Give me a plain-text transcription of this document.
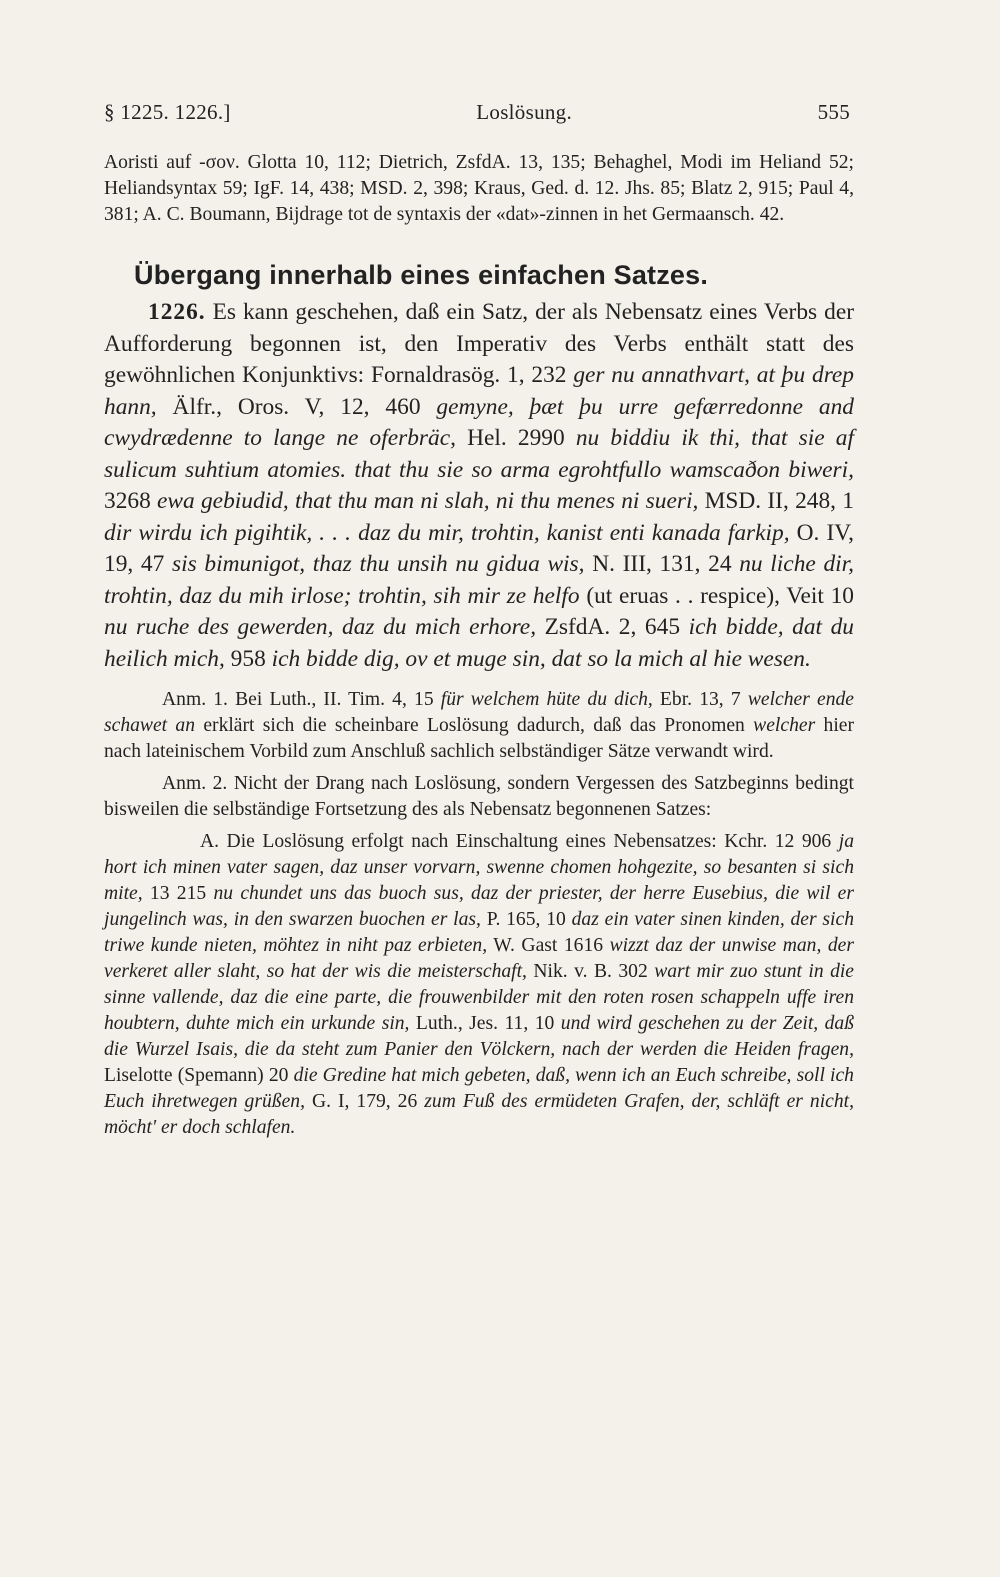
§ 1225. 1226.]	Loslösung.	555

Aoristi auf -σον. Glotta 10, 112; Dietrich, ZsfdA. 13, 135; Behaghel, Modi im Heliand 52; Heliandsyntax 59; IgF. 14, 438; MSD. 2, 398; Kraus, Ged. d. 12. Jhs. 85; Blatz 2, 915; Paul 4, 381; A. C. Boumann, Bijdrage tot de syntaxis der «dat»-zinnen in het Germaansch. 42.

Übergang innerhalb eines einfachen Satzes.

1226. Es kann geschehen, daß ein Satz, der als Nebensatz eines Verbs der Aufforderung begonnen ist, den Imperativ des Verbs enthält statt des gewöhnlichen Konjunktivs: Fornaldrasög. 1, 232 ger nu annathvart, at þu drep hann, Älfr., Oros. V, 12, 460 gemyne, þæt þu urre gefærredonne and cwydrædenne to lange ne oferbräc, Hel. 2990 nu biddiu ik thi, that sie af sulicum suhtium atomies. that thu sie so arma egrohtfullo wamscaðon biweri, 3268 ewa gebiudid, that thu man ni slah, ni thu menes ni sueri, MSD. II, 248, 1 dir wirdu ich pigihtik, . . . daz du mir, trohtin, kanist enti kanada farkip, O. IV, 19, 47 sis bimunigot, thaz thu unsih nu gidua wis, N. III, 131, 24 nu liche dir, trohtin, daz du mih irlose; trohtin, sih mir ze helfo (ut eruas . . respice), Veit 10 nu ruche des gewerden, daz du mich erhore, ZsfdA. 2, 645 ich bidde, dat du heilich mich, 958 ich bidde dig, ov et muge sin, dat so la mich al hie wesen.

Anm. 1. Bei Luth., II. Tim. 4, 15 für welchem hüte du dich, Ebr. 13, 7 welcher ende schawet an erklärt sich die scheinbare Loslösung dadurch, daß das Pronomen welcher hier nach lateinischem Vorbild zum Anschluß sachlich selbständiger Sätze verwandt wird.

Anm. 2. Nicht der Drang nach Loslösung, sondern Vergessen des Satzbeginns bedingt bisweilen die selbständige Fortsetzung des als Nebensatz begonnenen Satzes:

A. Die Loslösung erfolgt nach Einschaltung eines Nebensatzes: Kchr. 12 906 ja hort ich minen vater sagen, daz unser vorvarn, swenne chomen hohgezite, so besanten si sich mite, 13 215 nu chundet uns das buoch sus, daz der priester, der herre Eusebius, die wil er jungelinch was, in den swarzen buochen er las, P. 165, 10 daz ein vater sinen kinden, der sich triwe kunde nieten, möhtez in niht paz erbieten, W. Gast 1616 wizzt daz der unwise man, der verkeret aller slaht, so hat der wis die meisterschaft, Nik. v. B. 302 wart mir zuo stunt in die sinne vallende, daz die eine parte, die frouwenbilder mit den roten rosen schappeln uffe iren houbtern, duhte mich ein urkunde sin, Luth., Jes. 11, 10 und wird geschehen zu der Zeit, daß die Wurzel Isais, die da steht zum Panier den Völckern, nach der werden die Heiden fragen, Liselotte (Spemann) 20 die Gredine hat mich gebeten, daß, wenn ich an Euch schreibe, soll ich Euch ihretwegen grüßen, G. I, 179, 26 zum Fuß des ermüdeten Grafen, der, schläft er nicht, möcht' er doch schlafen.
